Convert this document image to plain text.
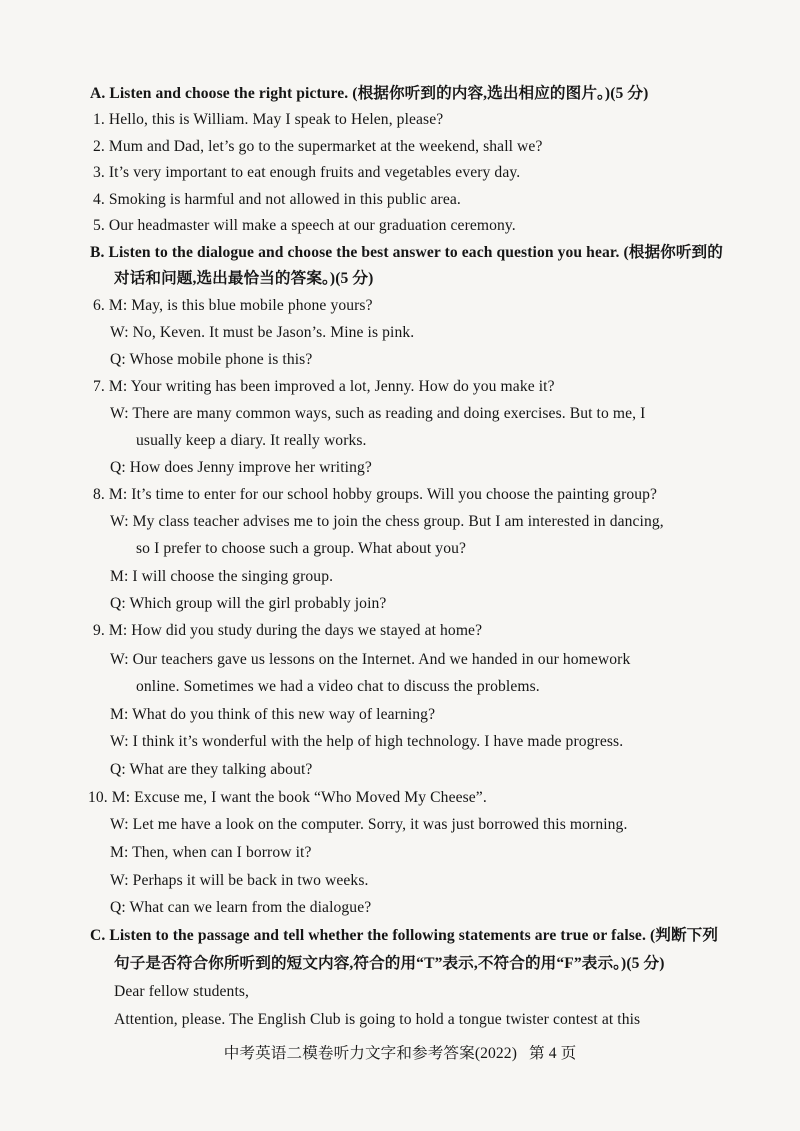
A. Listen and choose the right picture. (根据你听到的内容,选出相应的图片。)(5 分)
1. Hello, this is William. May I speak to Helen, please?
2. Mum and Dad, let’s go to the supermarket at the weekend, shall we?
3. It’s very important to eat enough fruits and vegetables every day.
4. Smoking is harmful and not allowed in this public area.
5. Our headmaster will make a speech at our graduation ceremony.
B. Listen to the dialogue and choose the best answer to each question you hear. (根据你听到的
对话和问题,选出最恰当的答案。)(5 分)
6. M: May, is this blue mobile phone yours?
W: No, Keven. It must be Jason’s. Mine is pink.
Q: Whose mobile phone is this?
7. M: Your writing has been improved a lot, Jenny. How do you make it?
W: There are many common ways, such as reading and doing exercises. But to me, I
usually keep a diary. It really works.
Q: How does Jenny improve her writing?
8. M: It’s time to enter for our school hobby groups. Will you choose the painting group?
W: My class teacher advises me to join the chess group. But I am interested in dancing,
so I prefer to choose such a group. What about you?
M: I will choose the singing group.
Q: Which group will the girl probably join?
9. M: How did you study during the days we stayed at home?
W: Our teachers gave us lessons on the Internet. And we handed in our homework
online. Sometimes we had a video chat to discuss the problems.
M: What do you think of this new way of learning?
W: I think it’s wonderful with the help of high technology. I have made progress.
Q: What are they talking about?
10. M: Excuse me, I want the book “Who Moved My Cheese”.
W: Let me have a look on the computer. Sorry, it was just borrowed this morning.
M: Then, when can I borrow it?
W: Perhaps it will be back in two weeks.
Q: What can we learn from the dialogue?
C. Listen to the passage and tell whether the following statements are true or false. (判断下列
句子是否符合你所听到的短文内容,符合的用“T”表示,不符合的用“F”表示。)(5 分)
Dear fellow students,
Attention, please. The English Club is going to hold a tongue twister contest at this
中考英语二模卷听力文字和参考答案(2022) 第 4 页
